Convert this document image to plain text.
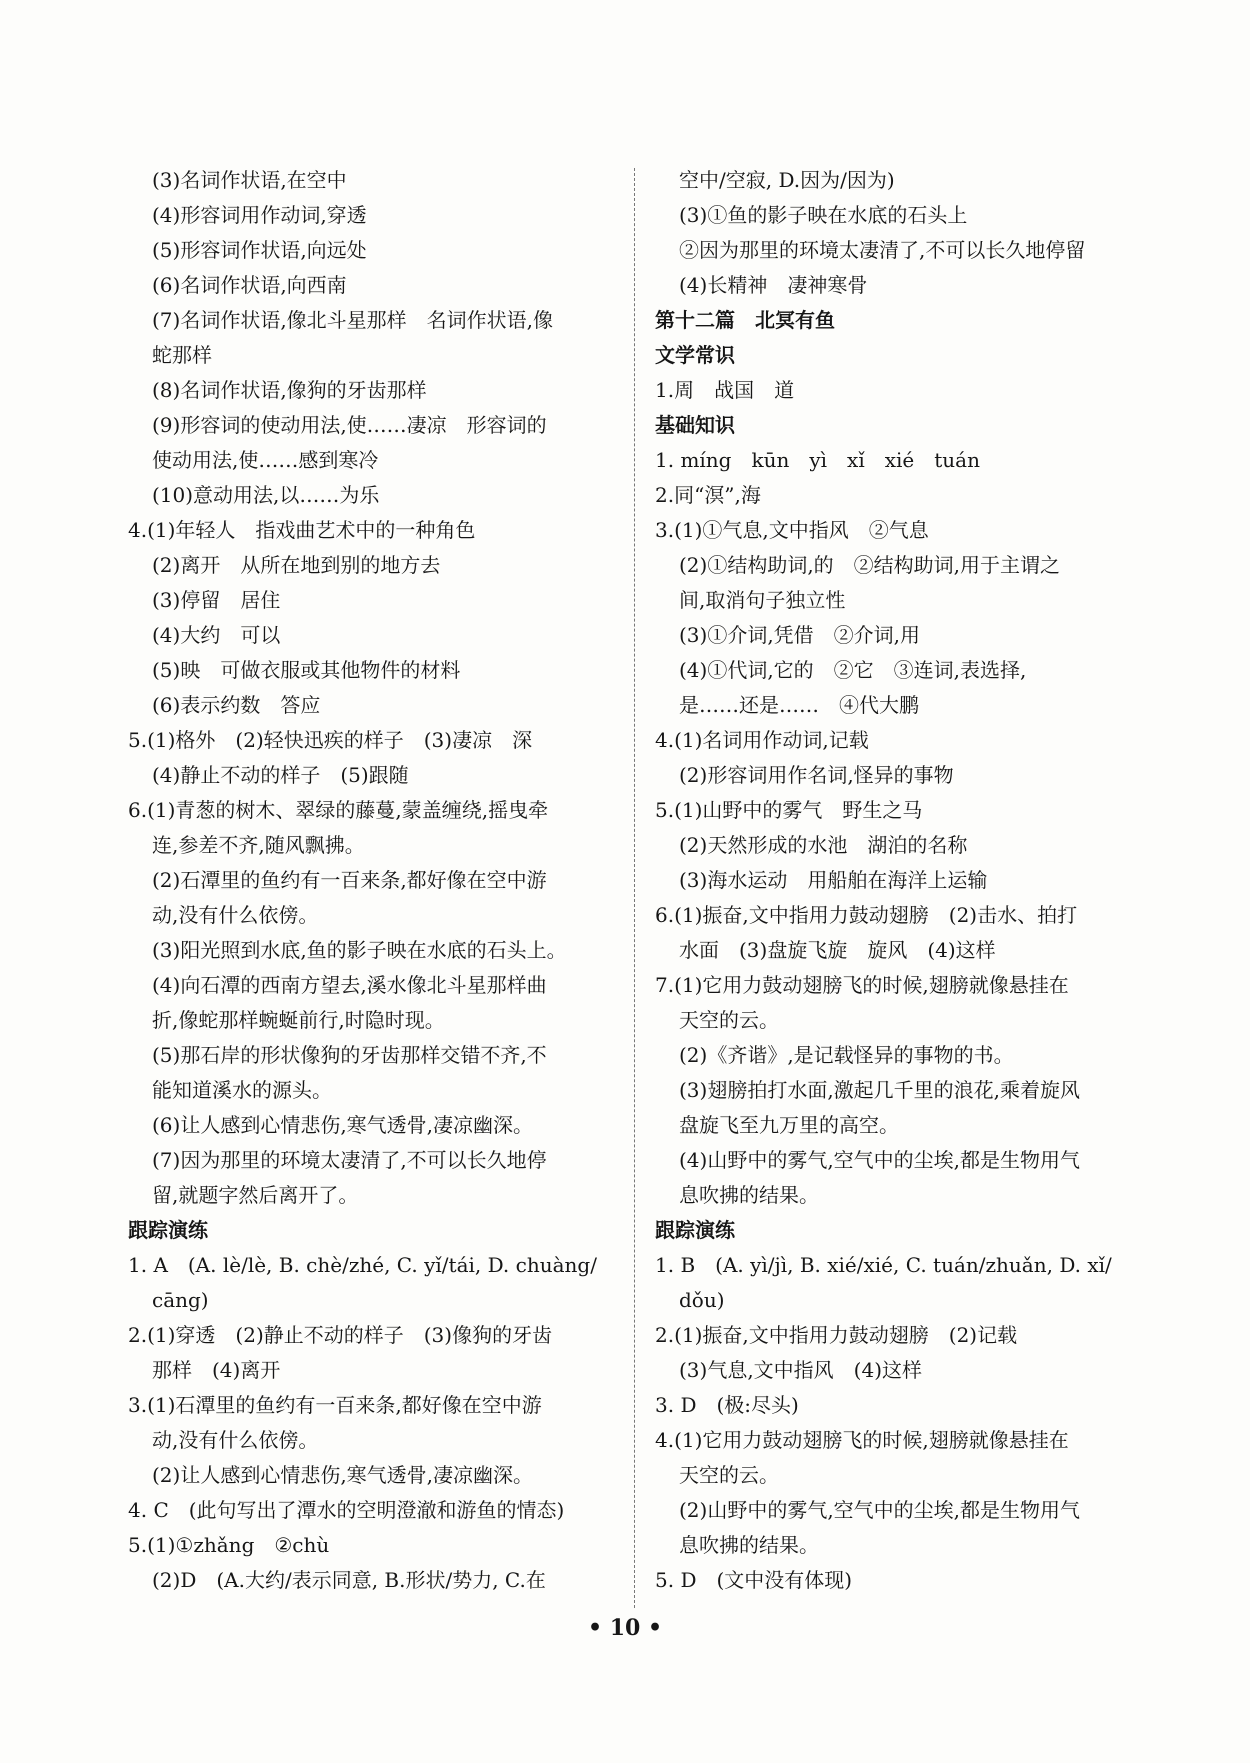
(3)名词作状语,在空中
(4)形容词用作动词,穿透
(5)形容词作状语,向远处
(6)名词作状语,向西南
(7)名词作状语,像北斗星那样　名词作状语,像
蛇那样
(8)名词作状语,像狗的牙齿那样
(9)形容词的使动用法,使……凄凉　形容词的
使动用法,使……感到寒冷
(10)意动用法,以……为乐
4.(1)年轻人　指戏曲艺术中的一种角色
(2)离开　从所在地到别的地方去
(3)停留　居住
(4)大约　可以
(5)映　可做衣服或其他物件的材料
(6)表示约数　答应
5.(1)格外　(2)轻快迅疾的样子　(3)凄凉　深
(4)静止不动的样子　(5)跟随
6.(1)青葱的树木、翠绿的藤蔓,蒙盖缠绕,摇曳牵
连,参差不齐,随风飘拂。
(2)石潭里的鱼约有一百来条,都好像在空中游
动,没有什么依傍。
(3)阳光照到水底,鱼的影子映在水底的石头上。
(4)向石潭的西南方望去,溪水像北斗星那样曲
折,像蛇那样蜿蜒前行,时隐时现。
(5)那石岸的形状像狗的牙齿那样交错不齐,不
能知道溪水的源头。
(6)让人感到心情悲伤,寒气透骨,凄凉幽深。
(7)因为那里的环境太凄清了,不可以长久地停
留,就题字然后离开了。
跟踪演练
1. A　(A. lè/lè, B. chè/zhé, C. yǐ/tái, D. chuàng/
cāng)
2.(1)穿透　(2)静止不动的样子　(3)像狗的牙齿
那样　(4)离开
3.(1)石潭里的鱼约有一百来条,都好像在空中游
动,没有什么依傍。
(2)让人感到心情悲伤,寒气透骨,凄凉幽深。
4. C　(此句写出了潭水的空明澄澈和游鱼的情态)
5.(1)①zhǎng　②chù
(2)D　(A.大约/表示同意, B.形状/势力, C.在
空中/空寂, D.因为/因为)
(3)①鱼的影子映在水底的石头上
②因为那里的环境太凄清了,不可以长久地停留
(4)长精神　凄神寒骨
第十二篇　北冥有鱼
文学常识
1.周　战国　道
基础知识
1. míng　kūn　yì　xǐ　xié　tuán
2.同“溟”,海
3.(1)①气息,文中指风　②气息
(2)①结构助词,的　②结构助词,用于主谓之
间,取消句子独立性
(3)①介词,凭借　②介词,用
(4)①代词,它的　②它　③连词,表选择,
是……还是……　④代大鹏
4.(1)名词用作动词,记载
(2)形容词用作名词,怪异的事物
5.(1)山野中的雾气　野生之马
(2)天然形成的水池　湖泊的名称
(3)海水运动　用船舶在海洋上运输
6.(1)振奋,文中指用力鼓动翅膀　(2)击水、拍打
水面　(3)盘旋飞旋　旋风　(4)这样
7.(1)它用力鼓动翅膀飞的时候,翅膀就像悬挂在
天空的云。
(2)《齐谐》,是记载怪异的事物的书。
(3)翅膀拍打水面,激起几千里的浪花,乘着旋风
盘旋飞至九万里的高空。
(4)山野中的雾气,空气中的尘埃,都是生物用气
息吹拂的结果。
跟踪演练
1. B　(A. yì/jì, B. xié/xié, C. tuán/zhuǎn, D. xǐ/
dǒu)
2.(1)振奋,文中指用力鼓动翅膀　(2)记载
(3)气息,文中指风　(4)这样
3. D　(极:尽头)
4.(1)它用力鼓动翅膀飞的时候,翅膀就像悬挂在
天空的云。
(2)山野中的雾气,空气中的尘埃,都是生物用气
息吹拂的结果。
5. D　(文中没有体现)
• 10 •
